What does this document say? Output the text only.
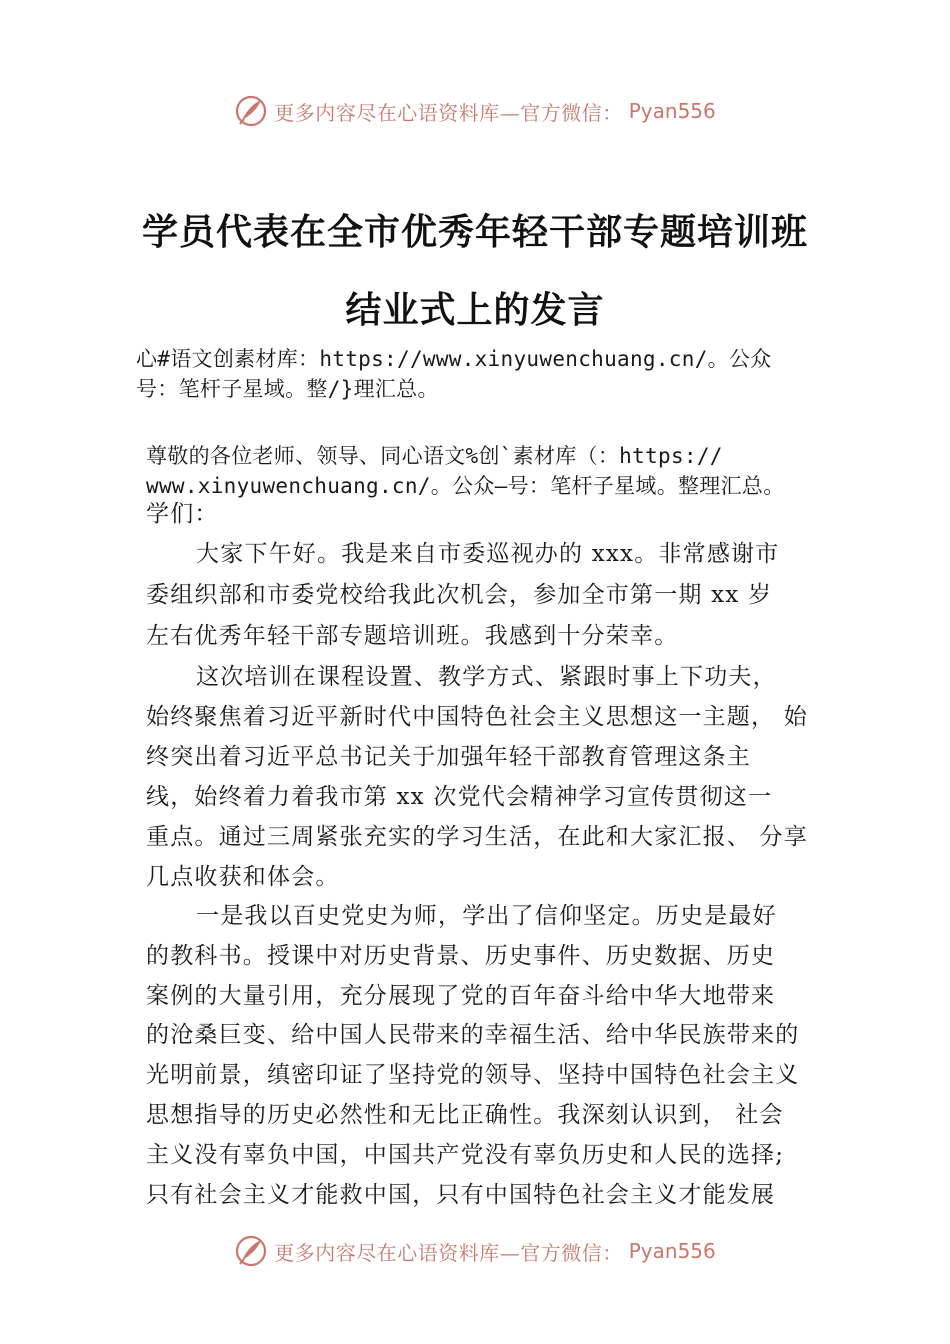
更多内容尽在心语资料库—官方微信： Pyan556
学员代表在全市优秀年轻干部专题培训班
结业式上的发言
心#语文创素材库：https://www.xinyuwenchuang.cn/。公众
号：笔杆子星域。整/}理汇总。
尊敬的各位老师、领导、同心语文%创`素材库（：https://
www.xinyuwenchuang.cn/。公众—号：笔杆子星域。整理汇总。
学们：
大家下午好。我是来自市委巡视办的 xxx。非常感谢市
委组织部和市委党校给我此次机会，参加全市第一期 xx 岁
左右优秀年轻干部专题培训班。我感到十分荣幸。
这次培训在课程设置、教学方式、紧跟时事上下功夫，
始终聚焦着习近平新时代中国特色社会主义思想这一主题， 始
终突出着习近平总书记关于加强年轻干部教育管理这条主
线，始终着力着我市第 xx 次党代会精神学习宣传贯彻这一
重点。通过三周紧张充实的学习生活，在此和大家汇报、 分享
几点收获和体会。
一是我以百史党史为师，学出了信仰坚定。历史是最好
的教科书。授课中对历史背景、历史事件、历史数据、历史
案例的大量引用，充分展现了党的百年奋斗给中华大地带来
的沧桑巨变、给中国人民带来的幸福生活、给中华民族带来的
光明前景，缜密印证了坚持党的领导、坚持中国特色社会主义
思想指导的历史必然性和无比正确性。我深刻认识到， 社会
主义没有辜负中国，中国共产党没有辜负历史和人民的选择;
只有社会主义才能救中国，只有中国特色社会主义才能发展
更多内容尽在心语资料库—官方微信： Pyan556
